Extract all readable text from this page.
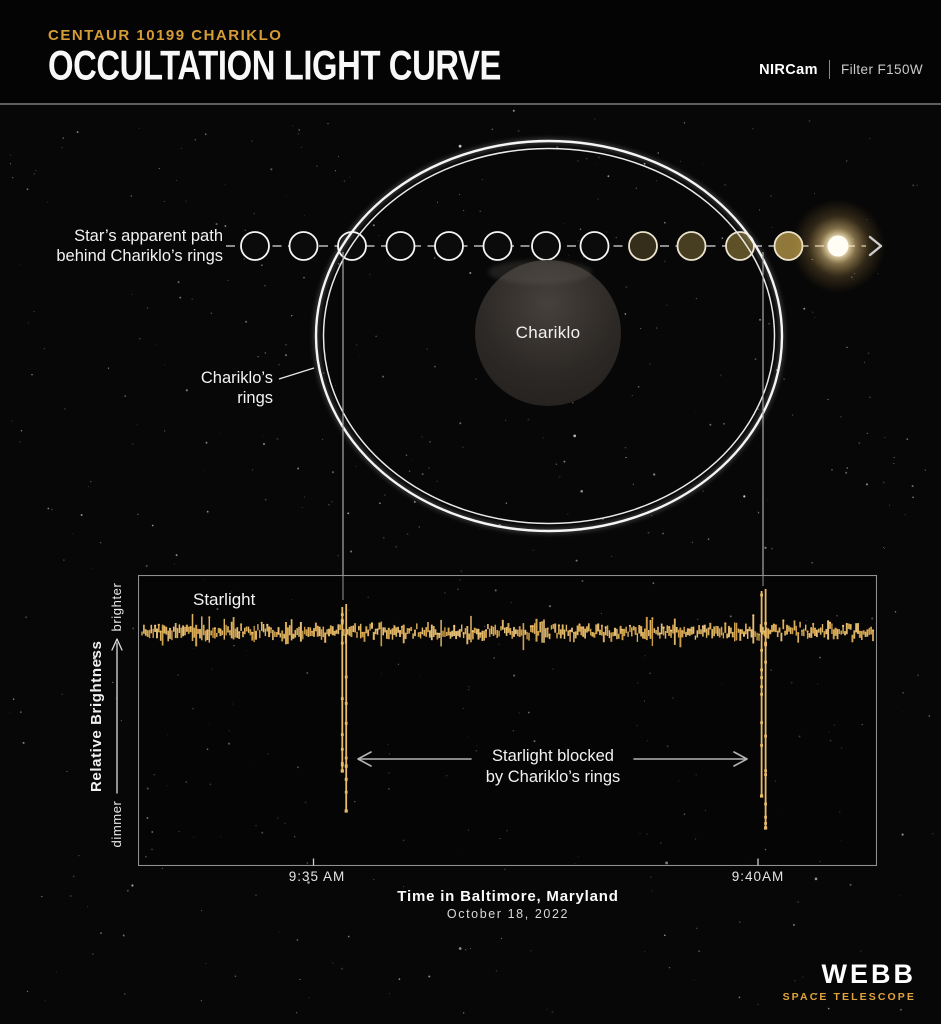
CENTAUR 10199 CHARIKLO
OCCULTATION LIGHT CURVE	NIRCam Filter F150W
Star’s apparent path
behind Chariklo’s rings
Chariklo’s
rings
Chariklo
Starlight
Starlight blocked
by Chariklo’s rings
Relative Brightness
brighter
dimmer
9:35 AM	9:40AM
Time in Baltimore, Maryland
October 18, 2022
WEBB
SPACE TELESCOPE
